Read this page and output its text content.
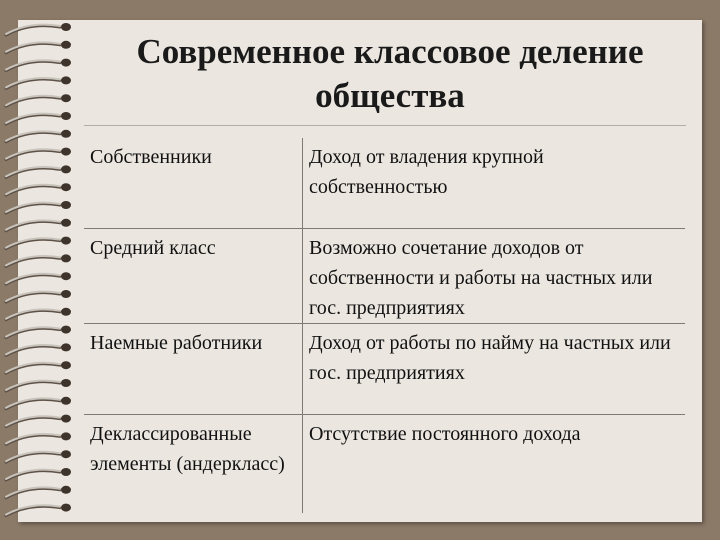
Современное классовое деление
общества
Собственники	Доход от владения крупной собственностью

Средний класс	Возможно сочетание доходов от собственности и работы на частных или гос. предприятиях

Наемные работники	Доход от работы по найму на частных или гос. предприятиях

Деклассированные элементы (андеркласс)	Отсутствие постоянного дохода
